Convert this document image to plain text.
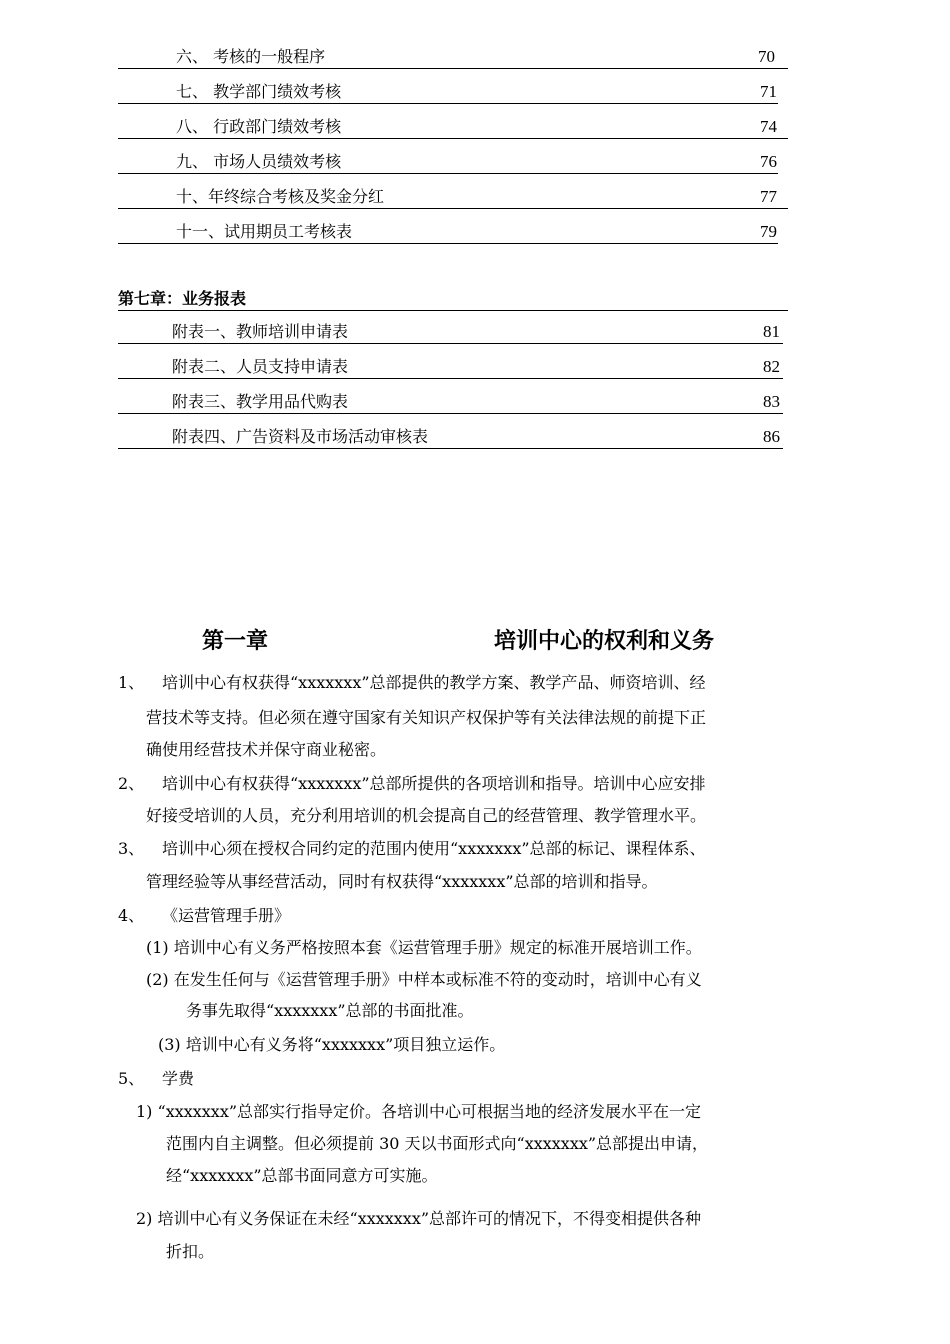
六、 考核的一般程序	70
七、 教学部门绩效考核	71
八、 行政部门绩效考核	74
九、 市场人员绩效考核	76
十、年终综合考核及奖金分红	77
十一、试用期员工考核表	79
第七章：业务报表
附表一、教师培训申请表	81
附表二、人员支持申请表	82
附表三、教学用品代购表	83
附表四、广告资料及市场活动审核表	86
第一章	培训中心的权利和义务
1、 培训中心有权获得“xxxxxxx”总部提供的教学方案、教学产品、师资培训、经
营技术等支持。但必须在遵守国家有关知识产权保护等有关法律法规的前提下正
确使用经营技术并保守商业秘密。
2、 培训中心有权获得“xxxxxxx”总部所提供的各项培训和指导。培训中心应安排
好接受培训的人员，充分利用培训的机会提高自己的经营管理、教学管理水平。
3、 培训中心须在授权合同约定的范围内使用“xxxxxxx”总部的标记、课程体系、
管理经验等从事经营活动，同时有权获得“xxxxxxx”总部的培训和指导。
4、 《运营管理手册》
(1) 培训中心有义务严格按照本套《运营管理手册》规定的标准开展培训工作。
(2) 在发生任何与《运营管理手册》中样本或标准不符的变动时，培训中心有义
务事先取得“xxxxxxx”总部的书面批准。
(3) 培训中心有义务将“xxxxxxx”项目独立运作。
5、 学费
1) “xxxxxxx”总部实行指导定价。各培训中心可根据当地的经济发展水平在一定
范围内自主调整。但必须提前 30 天以书面形式向“xxxxxxx”总部提出申请，
经“xxxxxxx”总部书面同意方可实施。
2) 培训中心有义务保证在未经“xxxxxxx”总部许可的情况下，不得变相提供各种
折扣。
